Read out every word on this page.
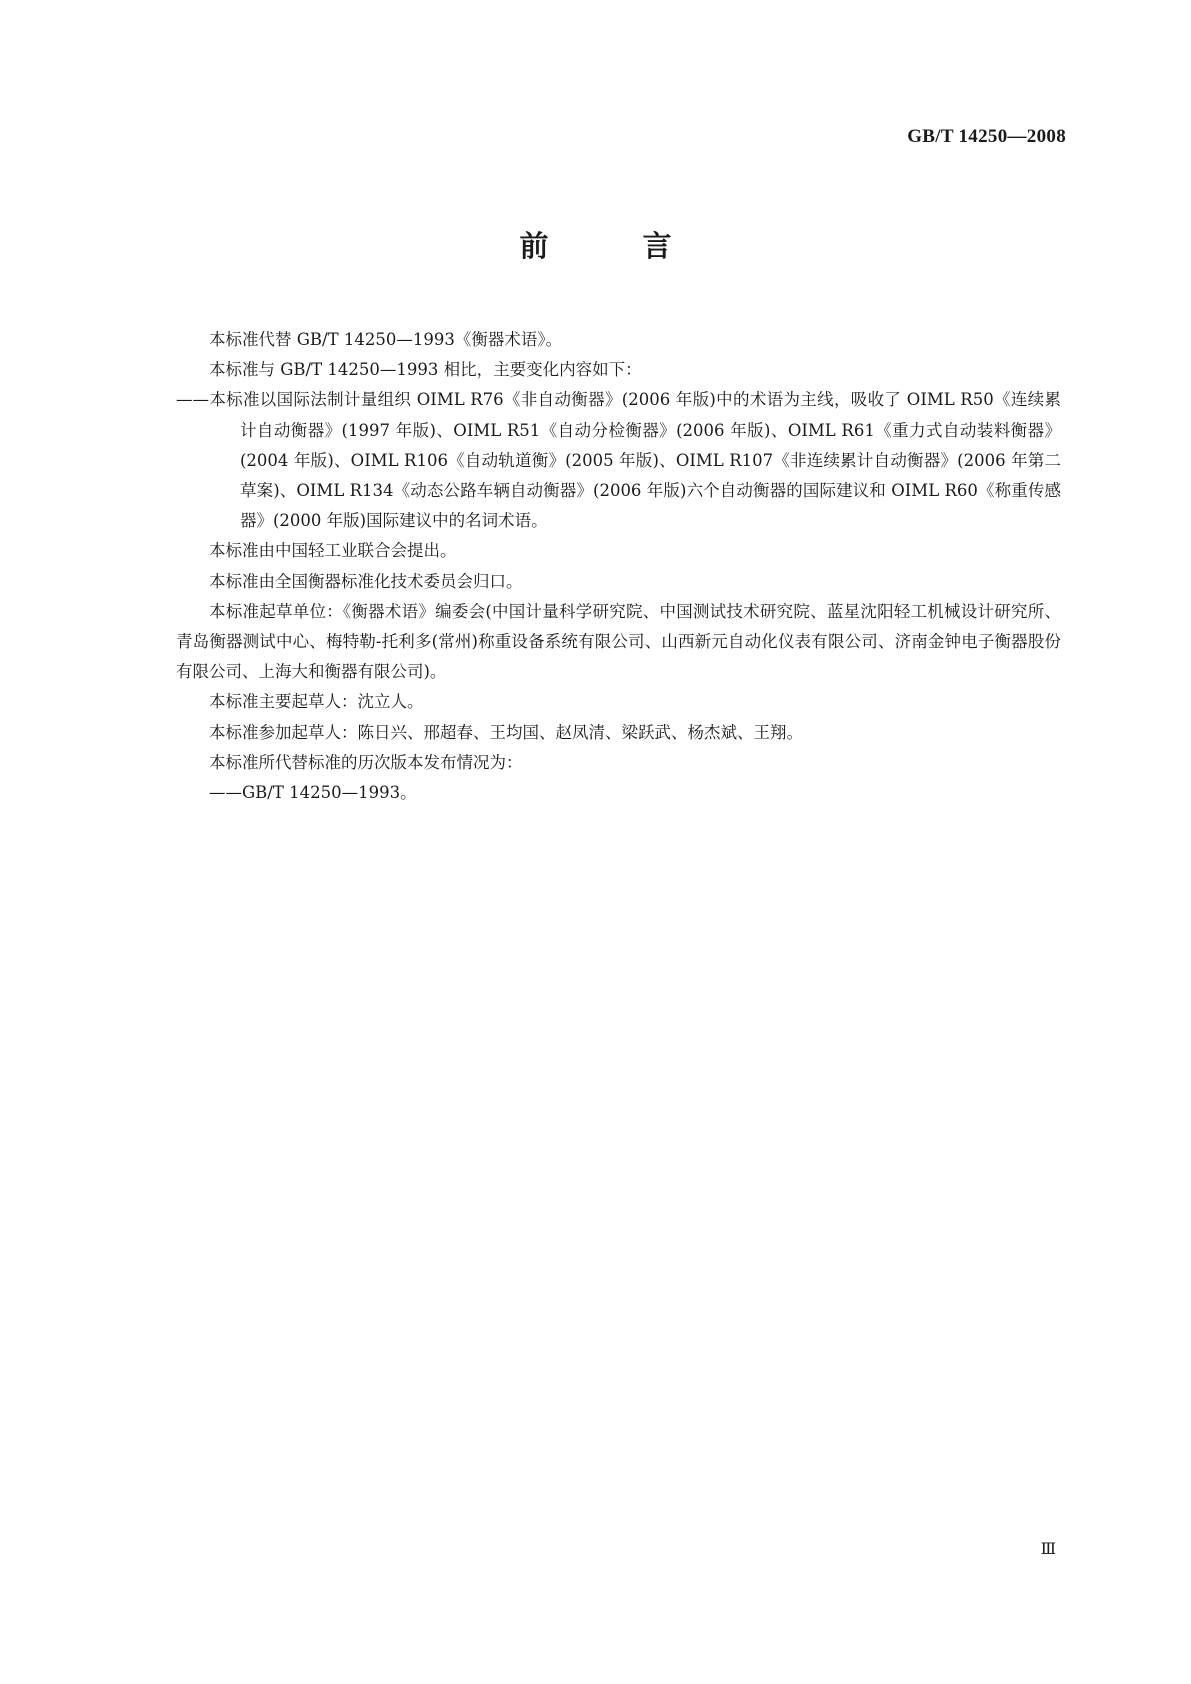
GB/T 14250—2008
前 言

本标准代替 GB/T 14250—1993《衡器术语》。

本标准与 GB/T 14250—1993 相比，主要变化内容如下：

——本标准以国际法制计量组织 OIML R76《非自动衡器》(2006 年版)中的术语为主线，吸收了 OIML R50《连续累计自动衡器》(1997 年版)、OIML R51《自动分检衡器》(2006 年版)、OIML R61《重力式自动装料衡器》(2004 年版)、OIML R106《自动轨道衡》(2005 年版)、OIML R107《非连续累计自动衡器》(2006 年第二草案)、OIML R134《动态公路车辆自动衡器》(2006 年版)六个自动衡器的国际建议和 OIML R60《称重传感器》(2000 年版)国际建议中的名词术语。

本标准由中国轻工业联合会提出。

本标准由全国衡器标准化技术委员会归口。

本标准起草单位：《衡器术语》编委会(中国计量科学研究院、中国测试技术研究院、蓝星沈阳轻工机械设计研究所、青岛衡器测试中心、梅特勒-托利多(常州)称重设备系统有限公司、山西新元自动化仪表有限公司、济南金钟电子衡器股份有限公司、上海大和衡器有限公司)。

本标准主要起草人：沈立人。

本标准参加起草人：陈日兴、邢超春、王均国、赵凤清、梁跃武、杨杰斌、王翔。

本标准所代替标准的历次版本发布情况为：

——GB/T 14250—1993。

Ⅲ
